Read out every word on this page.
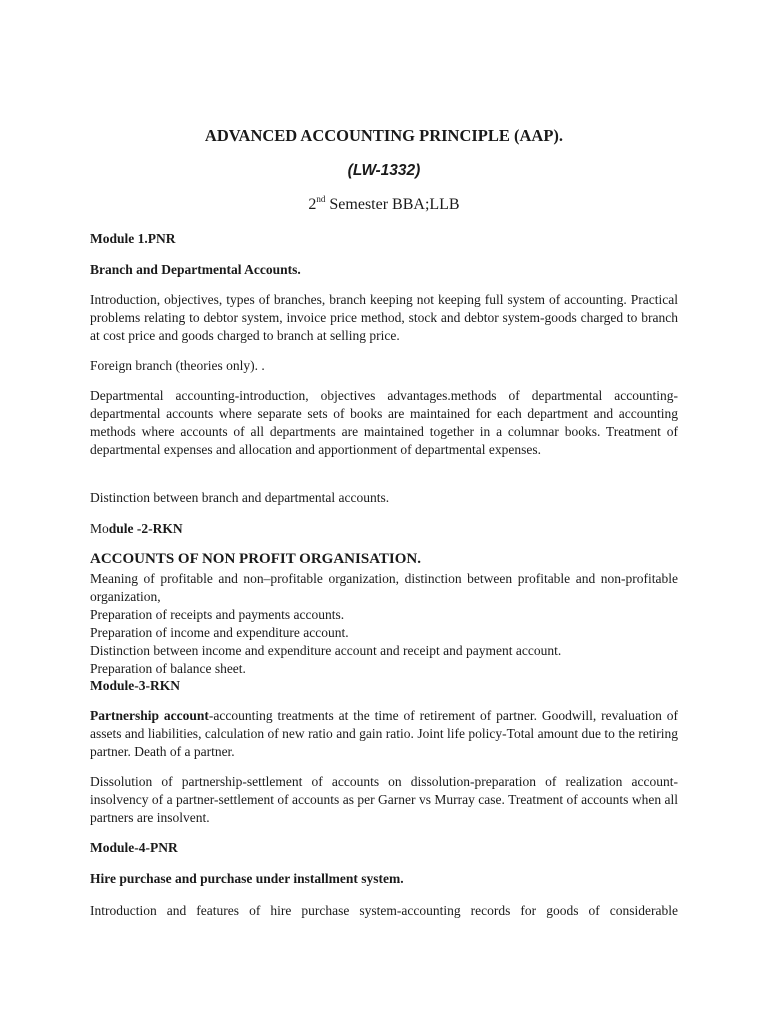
ADVANCED ACCOUNTING PRINCIPLE (AAP).
(LW-1332)
2nd Semester BBA;LLB
Module 1.PNR
Branch and Departmental Accounts.

Introduction, objectives, types of branches, branch keeping not keeping full system of accounting. Practical problems relating to debtor system, invoice price method, stock and debtor system-goods charged to branch at cost price and goods charged to branch at selling price.

Foreign branch (theories only). .

Departmental accounting-introduction, objectives advantages.methods of departmental accounting-departmental accounts where separate sets of books are maintained for each department and accounting methods where accounts of all departments are maintained together in a columnar books. Treatment of departmental expenses and allocation and apportionment of departmental expenses.

Distinction between branch and departmental accounts.

Module -2-RKN
ACCOUNTS OF NON PROFIT ORGANISATION.

Meaning of profitable and non–profitable organization, distinction between profitable and non-profitable organization,

Preparation of receipts and payments accounts.
Preparation of income and expenditure account.
Distinction between income and expenditure account and receipt and payment account.
Preparation of balance sheet.
Module-3-RKN

Partnership account-accounting treatments at the time of retirement of partner. Goodwill, revaluation of assets and liabilities, calculation of new ratio and gain ratio. Joint life policy-Total amount due to the retiring partner. Death of a partner.

Dissolution of partnership-settlement of accounts on dissolution-preparation of realization account-insolvency of a partner-settlement of accounts as per Garner vs Murray case. Treatment of accounts when all partners are insolvent.

Module-4-PNR
Hire purchase and purchase under installment system.

Introduction and features of hire purchase system-accounting records for goods of considerable
